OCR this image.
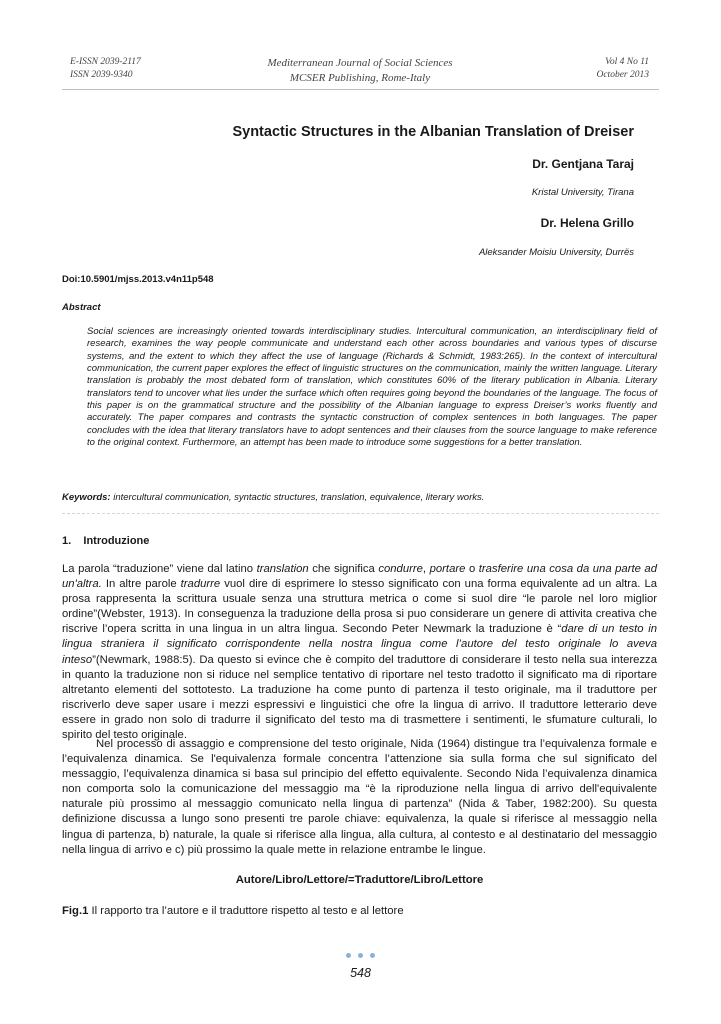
E-ISSN 2039-2117
ISSN 2039-9340
Mediterranean Journal of Social Sciences
MCSER Publishing, Rome-Italy
Vol 4 No 11
October 2013
Syntactic Structures in the Albanian Translation of Dreiser
Dr. Gentjana Taraj
Kristal University, Tirana
Dr. Helena Grillo
Aleksander Moisiu University, Durrës
Doi:10.5901/mjss.2013.v4n11p548
Abstract

Social sciences are increasingly oriented towards interdisciplinary studies. Intercultural communication, an interdisciplinary field of research, examines the way people communicate and understand each other across boundaries and various types of discurse systems, and the extent to which they affect the use of language (Richards & Schmidt, 1983:265). In the context of intercultural communication, the current paper explores the effect of linguistic structures on the communication, mainly the written language. Literary translation is probably the most debated form of translation, which constitutes 60% of the literary publication in Albania. Literary translators tend to uncover what lies under the surface which often requires going beyond the boundaries of the language. The focus of this paper is on the grammatical structure and the possibility of the Albanian language to express Dreiser’s works fluently and accurately. The paper compares and contrasts the syntactic construction of complex sentences in both languages. The paper concludes with the idea that literary translators have to adopt sentences and their clauses from the source language to make reference to the original context. Furthermore, an attempt has been made to introduce some suggestions for a better translation.

Keywords: intercultural communication, syntactic structures, translation, equivalence, literary works.
1.    Introduzione

La parola “traduzione” viene dal latino translation che significa condurre, portare o trasferire una cosa da una parte ad un'altra. In altre parole tradurre vuol dire di esprimere lo stesso significato con una forma equivalente ad un altra. La prosa rappresenta la scrittura usuale senza una struttura metrica o come si suol dire “le parole nel loro miglior ordine”(Webster, 1913). In conseguenza la traduzione della prosa si puo considerare un genere di attivita creativa che riscrive l’opera scritta in una lingua in un altra lingua. Secondo Peter Newmark la traduzione è “dare di un testo in lingua straniera il significato corrispondente nella nostra lingua come l’autore del testo originale lo aveva inteso”(Newmark, 1988:5). Da questo si evince che è compito del traduttore di considerare il testo nella sua interezza in quanto la traduzione non si riduce nel semplice tentativo di riportare nel testo tradotto il significato ma di riportare altretanto elementi del sottotesto. La traduzione ha come punto di partenza il testo originale, ma il traduttore per riscriverlo deve saper usare i mezzi espressivi e linguistici che ofre la lingua di arrivo. Il traduttore letterario deve essere in grado non solo di tradurre il significato del testo ma di trasmettere i sentimenti, le sfumature culturali, lo spirito del testo originale.

Nel processo di assaggio e comprensione del testo originale, Nida (1964) distingue tra l’equivalenza formale e l’equivalenza dinamica. Se l'equivalenza formale concentra l’attenzione sia sulla forma che sul significato del messaggio, l’equivalenza dinamica si basa sul principio del effetto equivalente. Secondo Nida l’equivalenza dinamica non comporta solo la comunicazione del messaggio ma “è la riproduzione nella lingua di arrivo dell'equivalente naturale più prossimo al messaggio comunicato nella lingua di partenza” (Nida & Taber, 1982:200). Su questa definizione discussa a lungo sono presenti tre parole chiave: equivalenza, la quale si riferisce al messaggio nella lingua di partenza, b) naturale, la quale si riferisce alla lingua, alla cultura, al contesto e al destinatario del messaggio nella lingua di arrivo e c) più prossimo la quale mette in relazione entrambe le lingue.

Autore/Libro/Lettore/=Traduttore/Libro/Lettore
Fig.1 Il rapporto tra l’autore e il traduttore rispetto al testo e al lettore
548
